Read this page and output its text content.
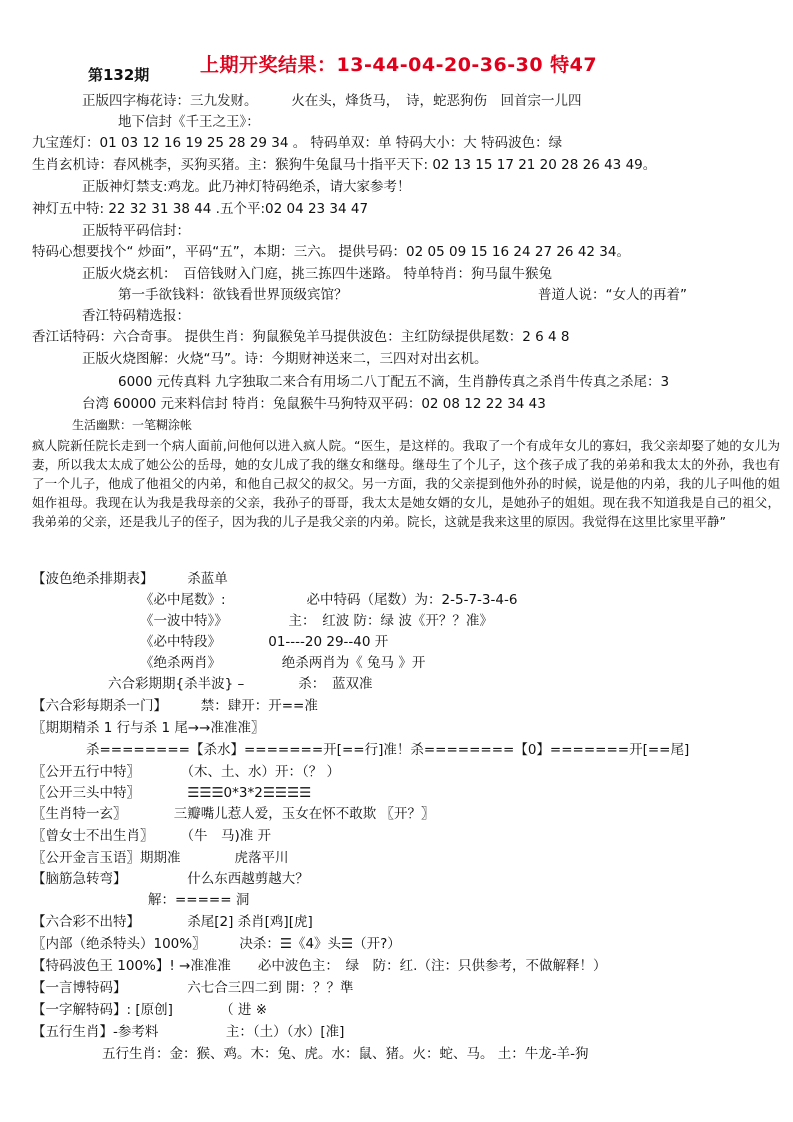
第132期	上期开奖结果：13-44-04-20-36-30 特47
正版四字梅花诗：三九发财。　　　火在头，烽货马，　诗，蛇恶狗伤　回首宗一儿四
地下信封《千王之王》：
九宝莲灯：01 03 12 16 19 25 28 29 34 。 特码单双：单 特码大小：大 特码波色：绿
生肖玄机诗：春风桃李，买狗买猪。主：猴狗牛兔鼠马十指平天下: 02 13 15 17 21 20 28 26 43 49。
正版神灯禁支:鸡龙。此乃神灯特码绝杀，请大家参考！
神灯五中特: 22 32 31 38 44 .五个平:02 04 23 34 47
正版特平码信封：
特码心想要找个“ 炒面”，平码“五”，本期：三六。 提供号码：02 05 09 15 16 24 27 26 42 34。
正版火烧玄机：　百倍钱财入门庭，挑三拣四牛迷路。 特单特肖：狗马鼠牛猴兔
第一手欲钱料：欲钱看世界顶级宾馆？	普道人说：“女人的再着”
香江特码精选报：
香江话特码：六合奇事。 提供生肖：狗鼠猴兔羊马提供波色：主红防绿提供尾数：2 6 4 8
正版火烧图解：火烧“马”。诗：今期财神送来二，三四对对出玄机。
6000 元传真料 九字独取二来合有用场二八丁配五不滴，生肖静传真之杀肖牛传真之杀尾：3
台湾 60000 元来料信封 特肖：兔鼠猴牛马狗特双平码：02 08 12 22 34 43
生活幽默：一笔糊涂帐
疯人院新任院长走到一个病人面前,问他何以进入疯人院。“医生，是这样的。我取了一个有成年女儿的寡妇，我父亲却娶了她的女儿为妻，所以我太太成了她公公的岳母，她的女儿成了我的继女和继母。继母生了个儿子，这个孩子成了我的弟弟和我太太的外孙，我也有了一个儿子，他成了他祖父的内弟，和他自己叔父的叔父。另一方面，我的父亲提到他外孙的时候，说是他的内弟，我的儿子叫他的姐姐作祖母。我现在认为我是我母亲的父亲，我孙子的哥哥，我太太是她女婿的女儿，是她孙子的姐姐。现在我不知道我是自己的祖父，我弟弟的父亲，还是我儿子的侄子，因为我的儿子是我父亲的内弟。院长，这就是我来这里的原因。我觉得在这里比家里平静”
【波色绝杀排期表】　　　杀蓝单
《必中尾数》:　　　　　　必中特码（尾数）为：2-5-7-3-4-6
《一波中特》》　　　　　主：　红波 防：绿 波《开？？准》
《必中特段》　　　　01----20 29--40 开
《绝杀两肖》　　　　　绝杀两肖为《 兔马 》开
六合彩期期{杀半波} –　　　　杀：　蓝双准
【六合彩每期杀一门】　　　禁：肆开：开==准
〖期期精杀 1 行与杀 1 尾→→准准准〗
杀========【杀水】=======开[==行]准！杀========【0】=======开[==尾]
〖公开五行中特〗　　　　（木、土、水）开：（？ ）
〖公开三头中特〗　　　　☰☰☰0*3*2☰☰☰☰
〖生肖特一玄〗　　　　三瓣嘴儿惹人爱，玉女在怀不敢欺 〖开？〗
〖曾女士不出生肖〗　　　（牛　马)准 开
〖公开金言玉语〗期期准　　　　虎落平川
【脑筋急转弯】　　　　　什么东西越剪越大？
解：===== 洞
【六合彩不出特】　　　　杀尾[2] 杀肖[鸡][虎]
〖内部（绝杀特头）100%〗　　　决杀：☰《4》头☰（开?）
【特码波色王 100%】! →准准准　　必中波色主：　绿　防：红.（注：只供参考，不做解释！）
【一言博特码】　　　　　六七合三四二到 開：？？準
【一字解特码】: [原创]　　　　（ 进 ※
【五行生肖】-参考料　　　　　主：（土）（水）[准]
五行生肖：金：猴、鸡。木：兔、虎。水：鼠、猪。火：蛇、马。 土：牛龙-羊-狗
